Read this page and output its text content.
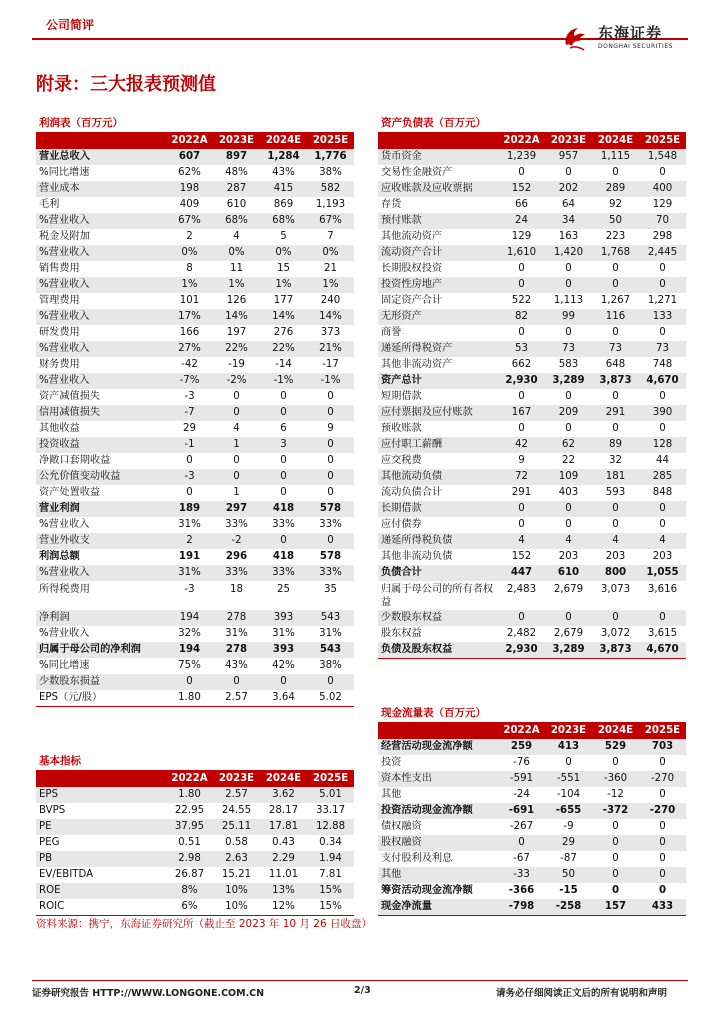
公司简评	东海证券
DONGHAI SECURITIES
附录：三大报表预测值
利润表（百万元）				
	2022A	2023E	2024E	2025E
营业总收入	607	897	1,284	1,776
%同比增速	62%	48%	43%	38%
营业成本	198	287	415	582
毛利	409	610	869	1,193
%营业收入	67%	68%	68%	67%
税金及附加	2	4	5	7
%营业收入	0%	0%	0%	0%
销售费用	8	11	15	21
%营业收入	1%	1%	1%	1%
管理费用	101	126	177	240
%营业收入	17%	14%	14%	14%
研发费用	166	197	276	373
%营业收入	27%	22%	22%	21%
财务费用	-42	-19	-14	-17
%营业收入	-7%	-2%	-1%	-1%
资产减值损失	-3	0	0	0
信用减值损失	-7	0	0	0
其他收益	29	4	6	9
投资收益	-1	1	3	0
净敞口套期收益	0	0	0	0
公允价值变动收益	-3	0	0	0
资产处置收益	0	1	0	0
营业利润	189	297	418	578
%营业收入	31%	33%	33%	33%
营业外收支	2	-2	0	0
利润总额	191	296	418	578
%营业收入	31%	33%	33%	33%
所得税费用	-3	18	25	35
净利润	194	278	393	543
%营业收入	32%	31%	31%	31%
归属于母公司的净利润	194	278	393	543
%同比增速	75%	43%	42%	38%
少数股东损益	0	0	0	0
EPS（元/股）	1.80	2.57	3.64	5.02
基本指标				
	2022A	2023E	2024E	2025E
EPS	1.80	2.57	3.62	5.01
BVPS	22.95	24.55	28.17	33.17
PE	37.95	25.11	17.81	12.88
PEG	0.51	0.58	0.43	0.34
PB	2.98	2.63	2.29	1.94
EV/EBITDA	26.87	15.21	11.01	7.81
ROE	8%	10%	13%	15%
ROIC	6%	10%	12%	15%
资产负债表（百万元）				
	2022A	2023E	2024E	2025E
货币资金	1,239	957	1,115	1,548
交易性金融资产	0	0	0	0
应收账款及应收票据	152	202	289	400
存货	66	64	92	129
预付账款	24	34	50	70
其他流动资产	129	163	223	298
流动资产合计	1,610	1,420	1,768	2,445
长期股权投资	0	0	0	0
投资性房地产	0	0	0	0
固定资产合计	522	1,113	1,267	1,271
无形资产	82	99	116	133
商誉	0	0	0	0
递延所得税资产	53	73	73	73
其他非流动资产	662	583	648	748
资产总计	2,930	3,289	3,873	4,670
短期借款	0	0	0	0
应付票据及应付账款	167	209	291	390
预收账款	0	0	0	0
应付职工薪酬	42	62	89	128
应交税费	9	22	32	44
其他流动负债	72	109	181	285
流动负债合计	291	403	593	848
长期借款	0	0	0	0
应付债券	0	0	0	0
递延所得税负债	4	4	4	4
其他非流动负债	152	203	203	203
负债合计	447	610	800	1,055
归属于母公司的所有者权益	2,483	2,679	3,073	3,616
少数股东权益	0	0	0	0
股东权益	2,482	2,679	3,072	3,615
负债及股东权益	2,930	3,289	3,873	4,670
现金流量表（百万元）				
	2022A	2023E	2024E	2025E
经营活动现金流净额	259	413	529	703
投资	-76	0	0	0
资本性支出	-591	-551	-360	-270
其他	-24	-104	-12	0
投资活动现金流净额	-691	-655	-372	-270
债权融资	-267	-9	0	0
股权融资	0	29	0	0
支付股利及利息	-67	-87	0	0
其他	-33	50	0	0
筹资活动现金流净额	-366	-15	0	0
现金净流量	-798	-258	157	433
资料来源：携宁，东海证券研究所（截止至 2023 年 10 月 26 日收盘）
证券研究报告 HTTP://WWW.LONGONE.COM.CN	2/3	请务必仔细阅读正文后的所有说明和声明
